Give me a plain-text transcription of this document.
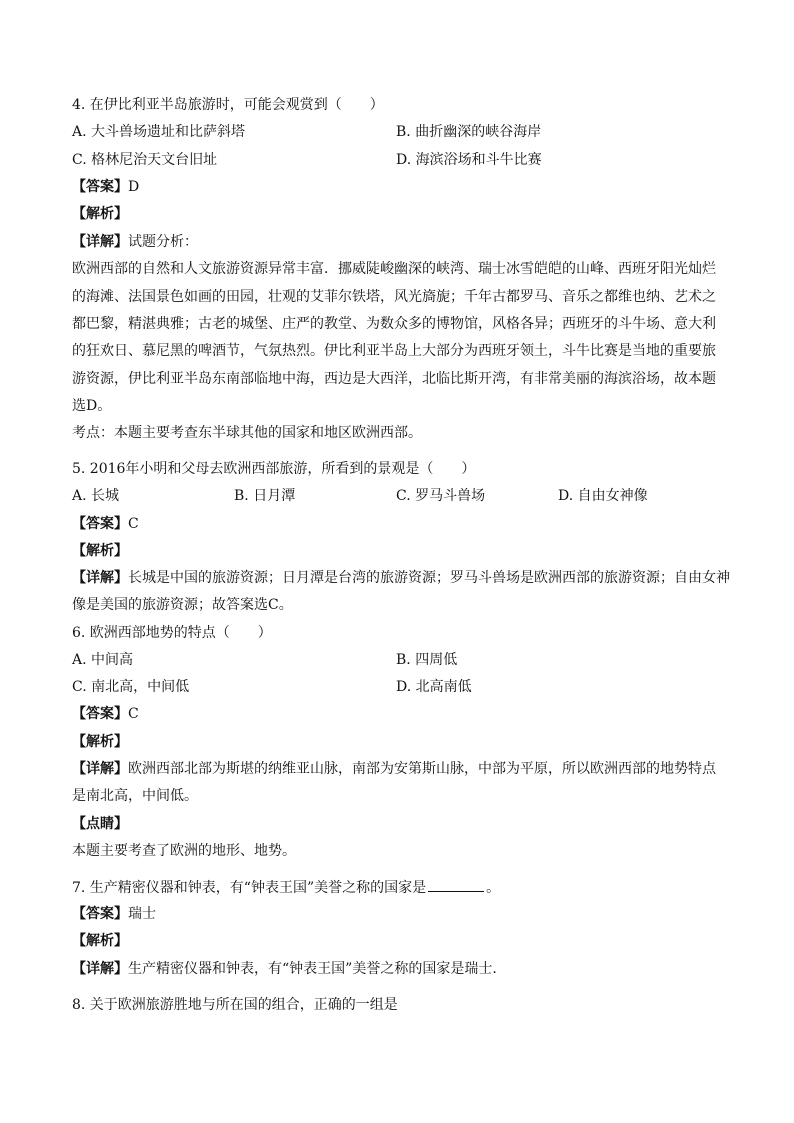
4. 在伊比利亚半岛旅游时，可能会观赏到（　　）
A. 大斗兽场遗址和比萨斜塔	B. 曲折幽深的峡谷海岸
C. 格林尼治天文台旧址	D. 海滨浴场和斗牛比赛
【答案】D
【解析】
【详解】试题分析：
欧洲西部的自然和人文旅游资源异常丰富．挪威陡峻幽深的峡湾、瑞士冰雪皑皑的山峰、西班牙阳光灿烂
的海滩、法国景色如画的田园，壮观的艾菲尔铁塔，风光旖旎；千年古都罗马、音乐之都维也纳、艺术之
都巴黎，精湛典雅；古老的城堡、庄严的教堂、为数众多的博物馆，风格各异；西班牙的斗牛场、意大利
的狂欢日、慕尼黑的啤酒节，气氛热烈。伊比利亚半岛上大部分为西班牙领土，斗牛比赛是当地的重要旅
游资源，伊比利亚半岛东南部临地中海，西边是大西洋，北临比斯开湾，有非常美丽的海滨浴场，故本题
选D。
考点：本题主要考查东半球其他的国家和地区欧洲西部。
5. 2016年小明和父母去欧洲西部旅游，所看到的景观是（　　）
A. 长城	B. 日月潭	C. 罗马斗兽场	D. 自由女神像
【答案】C
【解析】
【详解】长城是中国的旅游资源；日月潭是台湾的旅游资源；罗马斗兽场是欧洲西部的旅游资源；自由女神
像是美国的旅游资源；故答案选C。
6. 欧洲西部地势的特点（　　）
A. 中间高	B. 四周低
C. 南北高，中间低	D. 北高南低
【答案】C
【解析】
【详解】欧洲西部北部为斯堪的纳维亚山脉，南部为安第斯山脉，中部为平原，所以欧洲西部的地势特点
是南北高，中间低。
【点睛】
本题主要考查了欧洲的地形、地势。
7. 生产精密仪器和钟表，有“钟表王国”美誉之称的国家是	。
【答案】瑞士
【解析】
【详解】生产精密仪器和钟表，有“钟表王国”美誉之称的国家是瑞士.
8. 关于欧洲旅游胜地与所在国的组合，正确的一组是
